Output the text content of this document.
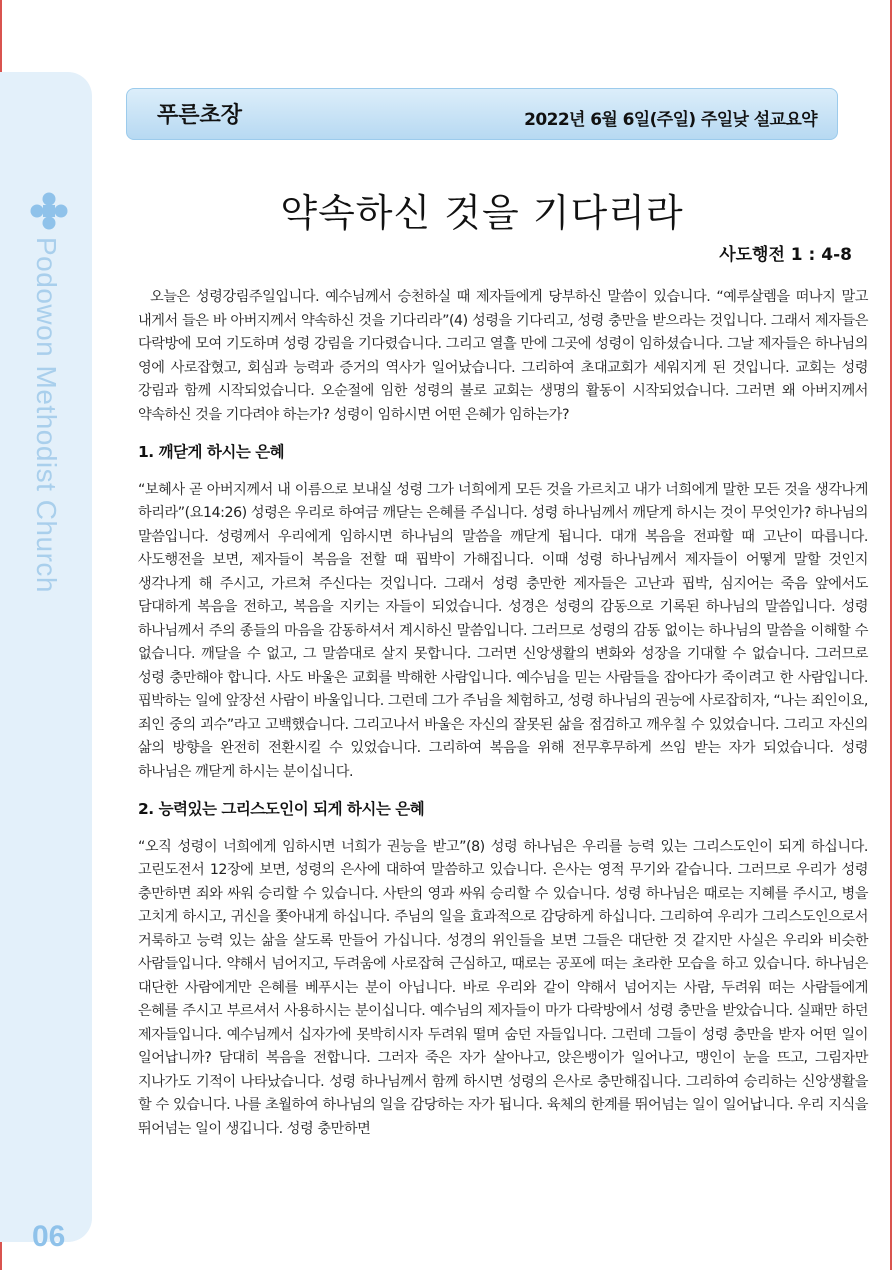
Podowon Methodist Church
06
푸른초장	2022년 6월 6일(주일) 주일낮 설교요약
약속하신 것을 기다리라
사도행전 1 : 4-8

오늘은 성령강림주일입니다. 예수님께서 승천하실 때 제자들에게 당부하신 말씀이 있습니다. “예루살렘을 떠나지 말고 내게서 들은 바 아버지께서 약속하신 것을 기다리라”(4) 성령을 기다리고, 성령 충만을 받으라는 것입니다. 그래서 제자들은 다락방에 모여 기도하며 성령 강림을 기다렸습니다. 그리고 열흘 만에 그곳에 성령이 임하셨습니다. 그날 제자들은 하나님의 영에 사로잡혔고, 회심과 능력과 증거의 역사가 일어났습니다. 그리하여 초대교회가 세워지게 된 것입니다. 교회는 성령 강림과 함께 시작되었습니다. 오순절에 임한 성령의 불로 교회는 생명의 활동이 시작되었습니다. 그러면 왜 아버지께서 약속하신 것을 기다려야 하는가? 성령이 임하시면 어떤 은혜가 임하는가?

1. 깨닫게 하시는 은혜

“보혜사 곧 아버지께서 내 이름으로 보내실 성령 그가 너희에게 모든 것을 가르치고 내가 너희에게 말한 모든 것을 생각나게 하리라”(요14:26) 성령은 우리로 하여금 깨닫는 은혜를 주십니다. 성령 하나님께서 깨닫게 하시는 것이 무엇인가? 하나님의 말씀입니다. 성령께서 우리에게 임하시면 하나님의 말씀을 깨닫게 됩니다. 대개 복음을 전파할 때 고난이 따릅니다. 사도행전을 보면, 제자들이 복음을 전할 때 핍박이 가해집니다. 이때 성령 하나님께서 제자들이 어떻게 말할 것인지 생각나게 해 주시고, 가르쳐 주신다는 것입니다. 그래서 성령 충만한 제자들은 고난과 핍박, 심지어는 죽음 앞에서도 담대하게 복음을 전하고, 복음을 지키는 자들이 되었습니다. 성경은 성령의 감동으로 기록된 하나님의 말씀입니다. 성령 하나님께서 주의 종들의 마음을 감동하셔서 계시하신 말씀입니다. 그러므로 성령의 감동 없이는 하나님의 말씀을 이해할 수 없습니다. 깨달을 수 없고, 그 말씀대로 살지 못합니다. 그러면 신앙생활의 변화와 성장을 기대할 수 없습니다. 그러므로 성령 충만해야 합니다. 사도 바울은 교회를 박해한 사람입니다. 예수님을 믿는 사람들을 잡아다가 죽이려고 한 사람입니다. 핍박하는 일에 앞장선 사람이 바울입니다. 그런데 그가 주님을 체험하고, 성령 하나님의 권능에 사로잡히자, “나는 죄인이요, 죄인 중의 괴수”라고 고백했습니다. 그리고나서 바울은 자신의 잘못된 삶을 점검하고 깨우칠 수 있었습니다. 그리고 자신의 삶의 방향을 완전히 전환시킬 수 있었습니다. 그리하여 복음을 위해 전무후무하게 쓰임 받는 자가 되었습니다. 성령 하나님은 깨닫게 하시는 분이십니다.

2. 능력있는 그리스도인이 되게 하시는 은혜

“오직 성령이 너희에게 임하시면 너희가 권능을 받고”(8) 성령 하나님은 우리를 능력 있는 그리스도인이 되게 하십니다. 고린도전서 12장에 보면, 성령의 은사에 대하여 말씀하고 있습니다. 은사는 영적 무기와 같습니다. 그러므로 우리가 성령 충만하면 죄와 싸워 승리할 수 있습니다. 사탄의 영과 싸워 승리할 수 있습니다. 성령 하나님은 때로는 지혜를 주시고, 병을 고치게 하시고, 귀신을 쫓아내게 하십니다. 주님의 일을 효과적으로 감당하게 하십니다. 그리하여 우리가 그리스도인으로서 거룩하고 능력 있는 삶을 살도록 만들어 가십니다. 성경의 위인들을 보면 그들은 대단한 것 같지만 사실은 우리와 비슷한 사람들입니다. 약해서 넘어지고, 두려움에 사로잡혀 근심하고, 때로는 공포에 떠는 초라한 모습을 하고 있습니다. 하나님은 대단한 사람에게만 은혜를 베푸시는 분이 아닙니다. 바로 우리와 같이 약해서 넘어지는 사람, 두려워 떠는 사람들에게 은혜를 주시고 부르셔서 사용하시는 분이십니다. 예수님의 제자들이 마가 다락방에서 성령 충만을 받았습니다. 실패만 하던 제자들입니다. 예수님께서 십자가에 못박히시자 두려워 떨며 숨던 자들입니다. 그런데 그들이 성령 충만을 받자 어떤 일이 일어납니까? 담대히 복음을 전합니다. 그러자 죽은 자가 살아나고, 앉은뱅이가 일어나고, 맹인이 눈을 뜨고, 그림자만 지나가도 기적이 나타났습니다. 성령 하나님께서 함께 하시면 성령의 은사로 충만해집니다. 그리하여 승리하는 신앙생활을 할 수 있습니다. 나를 초월하여 하나님의 일을 감당하는 자가 됩니다. 육체의 한계를 뛰어넘는 일이 일어납니다. 우리 지식을 뛰어넘는 일이 생깁니다. 성령 충만하면
